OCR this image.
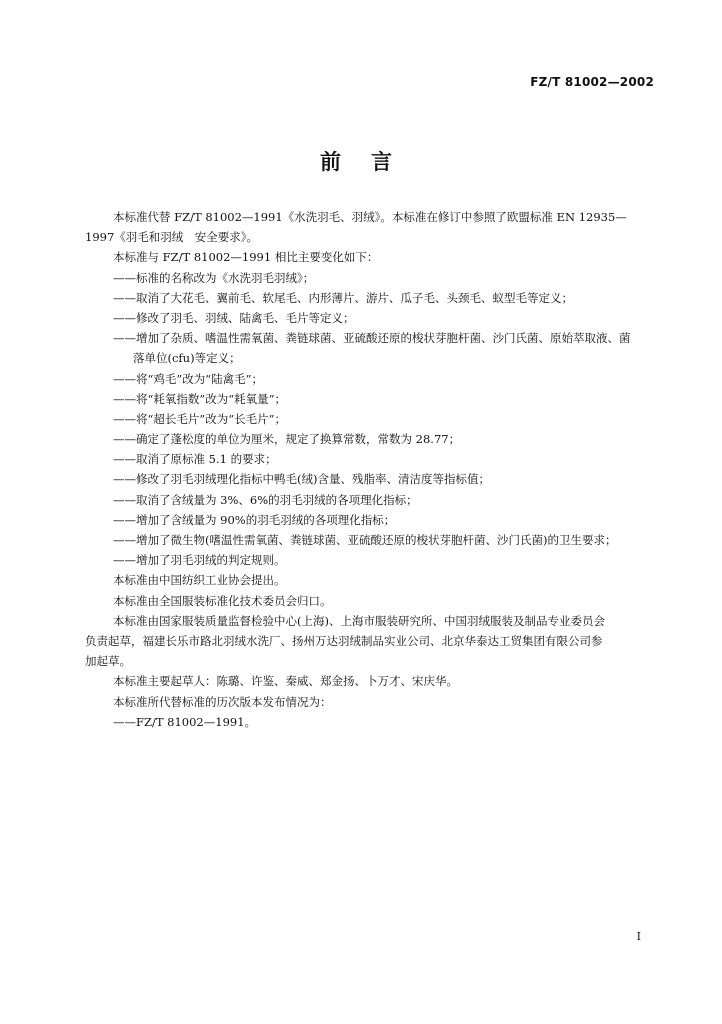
FZ/T 81002—2002
前言
本标准代替 FZ/T 81002—1991《水洗羽毛、羽绒》。本标准在修订中参照了欧盟标准 EN 12935—
1997《羽毛和羽绒　安全要求》。
本标准与 FZ/T 81002—1991 相比主要变化如下：
——标准的名称改为《水洗羽毛羽绒》；
——取消了大花毛、翼前毛、软尾毛、内形薄片、游片、瓜子毛、头颈毛、蚁型毛等定义；
——修改了羽毛、羽绒、陆禽毛、毛片等定义；
——增加了杂质、嗜温性需氧菌、粪链球菌、亚硫酸还原的梭状芽胞杆菌、沙门氏菌、原始萃取液、菌
落单位(cfu)等定义；
——将“鸡毛”改为“陆禽毛”；
——将“耗氧指数”改为“耗氧量”；
——将“超长毛片”改为“长毛片”；
——确定了蓬松度的单位为厘米，规定了换算常数，常数为 28.77；
——取消了原标准 5.1 的要求；
——修改了羽毛羽绒理化指标中鸭毛(绒)含量、残脂率、清洁度等指标值；
——取消了含绒量为 3%、6%的羽毛羽绒的各项理化指标；
——增加了含绒量为 90%的羽毛羽绒的各项理化指标；
——增加了微生物(嗜温性需氧菌、粪链球菌、亚硫酸还原的梭状芽胞杆菌、沙门氏菌)的卫生要求；
——增加了羽毛羽绒的判定规则。
本标准由中国纺织工业协会提出。
本标准由全国服装标准化技术委员会归口。
本标准由国家服装质量监督检验中心(上海)、上海市服装研究所、中国羽绒服装及制品专业委员会
负责起草，福建长乐市路北羽绒水洗厂、扬州万达羽绒制品实业公司、北京华泰达工贸集团有限公司参
加起草。
本标准主要起草人：陈璐、许鉴、秦威、郑金扬、卜万才、宋庆华。
本标准所代替标准的历次版本发布情况为：
——FZ/T 81002—1991。
I
